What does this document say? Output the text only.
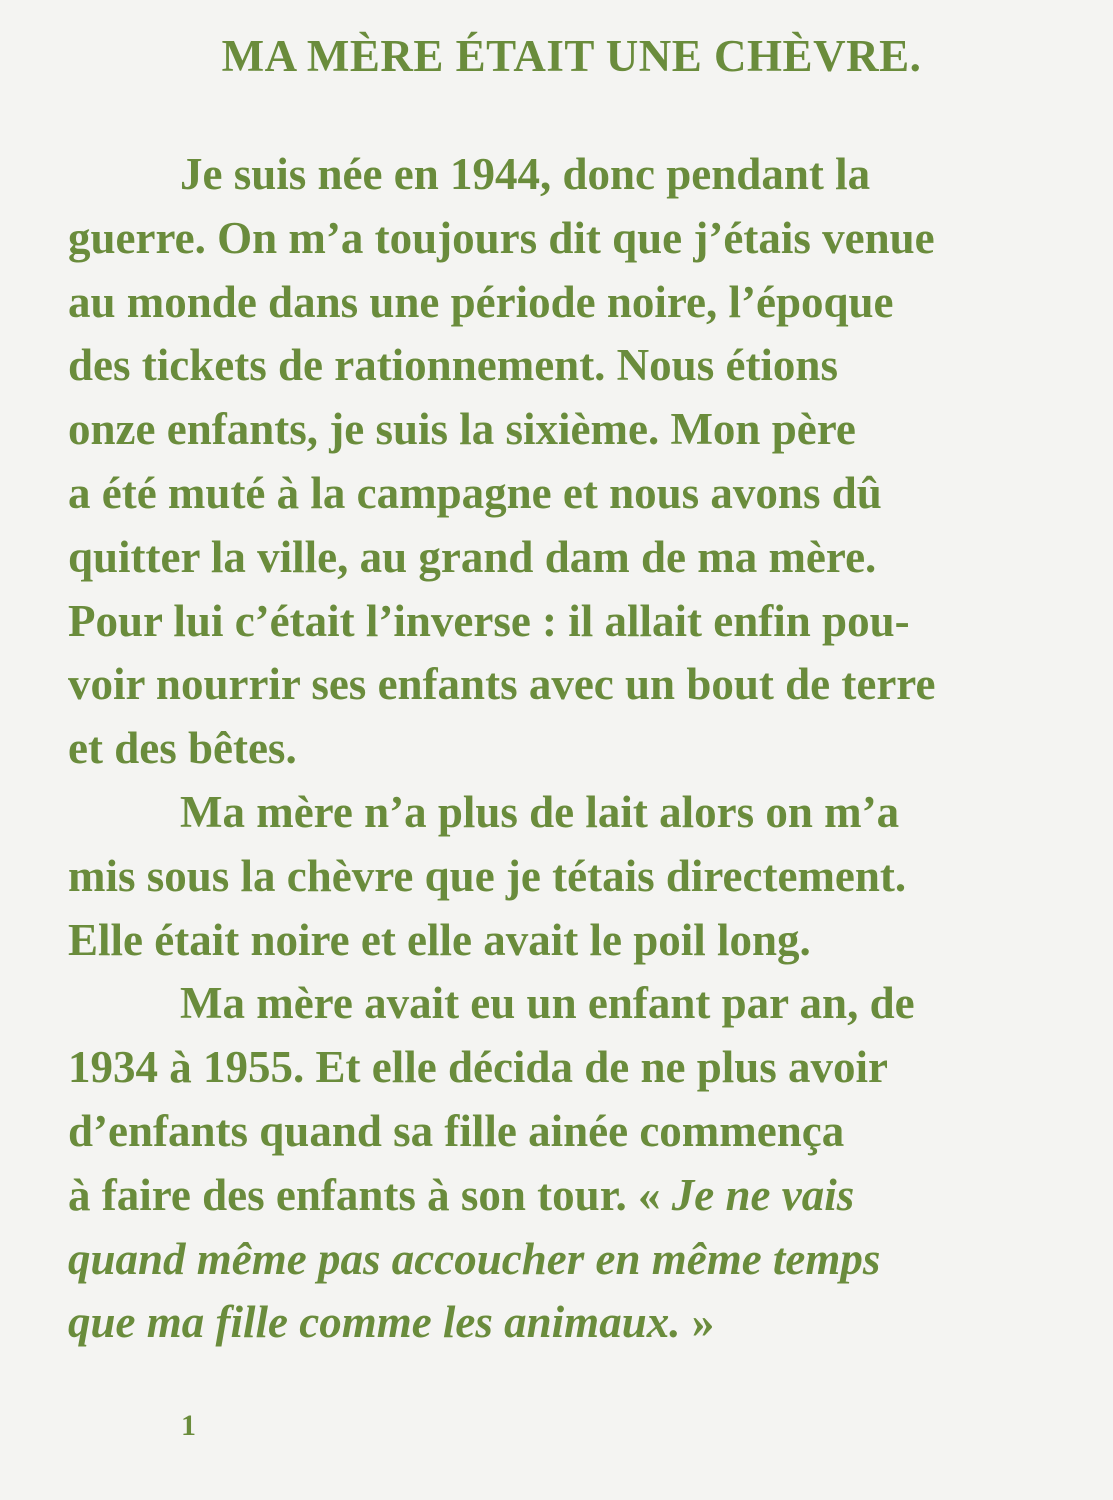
MA MÈRE ÉTAIT UNE CHÈVRE.
Je suis née en 1944, donc pendant la
guerre. On m’a toujours dit que j’étais venue
au monde dans une période noire, l’époque
des tickets de rationnement. Nous étions
onze enfants, je suis la sixième. Mon père
a été muté à la campagne et nous avons dû
quitter la ville, au grand dam de ma mère.
Pour lui c’était l’inverse : il allait enfin pou-
voir nourrir ses enfants avec un bout de terre
et des bêtes.
Ma mère n’a plus de lait alors on m’a
mis sous la chèvre que je tétais directement.
Elle était noire et elle avait le poil long.
Ma mère avait eu un enfant par an, de
1934 à 1955. Et elle décida de ne plus avoir
d’enfants quand sa fille ainée commença
à faire des enfants à son tour. « Je ne vais
quand même pas accoucher en même temps
que ma fille comme les animaux. »
1
